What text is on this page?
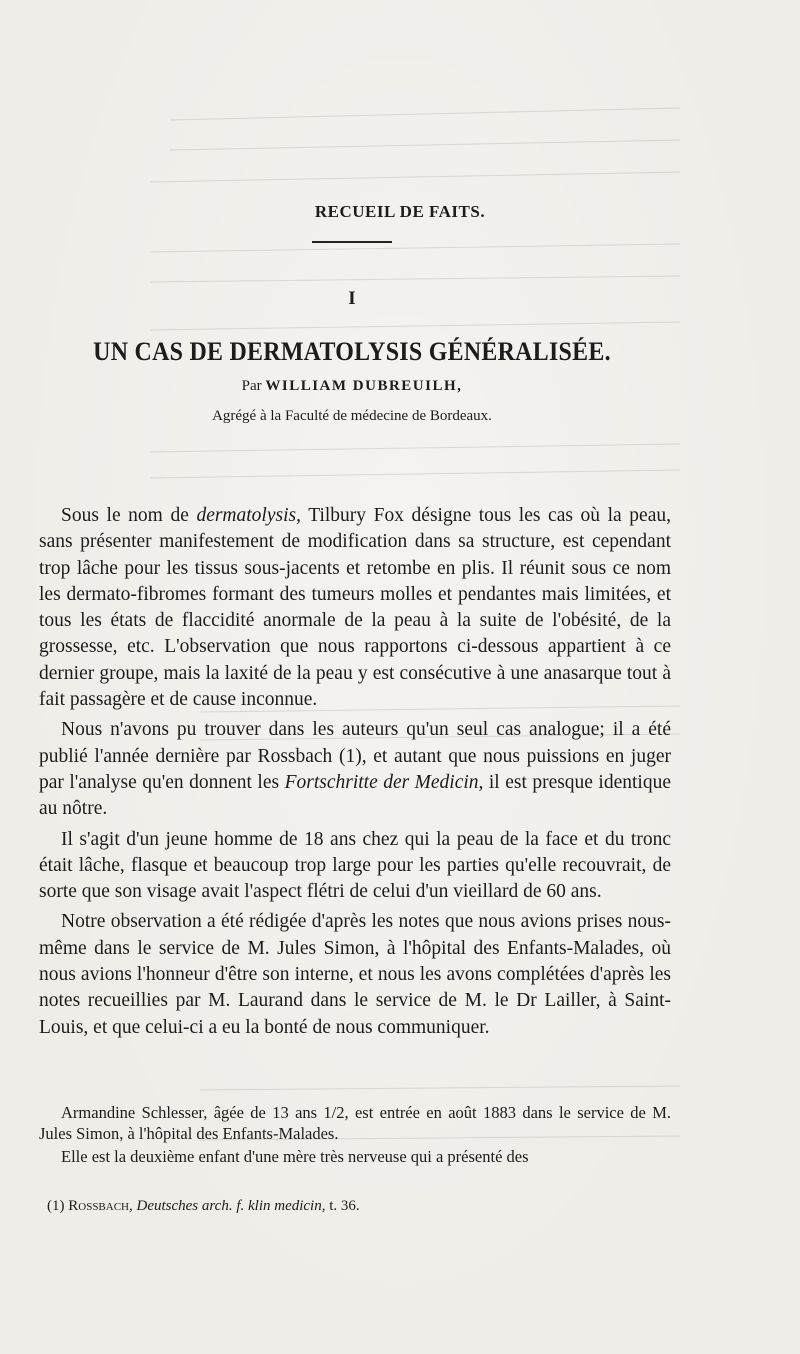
RECUEIL DE FAITS.
I
UN CAS DE DERMATOLYSIS GÉNÉRALISÉE.
Par WILLIAM DUBREUILH,
Agrégé à la Faculté de médecine de Bordeaux.

Sous le nom de dermatolysis, Tilbury Fox désigne tous les cas où la peau, sans présenter manifestement de modification dans sa structure, est cependant trop lâche pour les tissus sous-jacents et retombe en plis. Il réunit sous ce nom les dermato-fibromes formant des tumeurs molles et pendantes mais limitées, et tous les états de flaccidité anormale de la peau à la suite de l'obésité, de la grossesse, etc. L'observation que nous rapportons ci-dessous appartient à ce dernier groupe, mais la laxité de la peau y est consécutive à une anasarque tout à fait passagère et de cause inconnue.

Nous n'avons pu trouver dans les auteurs qu'un seul cas analogue; il a été publié l'année dernière par Rossbach (1), et autant que nous puissions en juger par l'analyse qu'en donnent les Fortschritte der Medicin, il est presque identique au nôtre.

Il s'agit d'un jeune homme de 18 ans chez qui la peau de la face et du tronc était lâche, flasque et beaucoup trop large pour les parties qu'elle recouvrait, de sorte que son visage avait l'aspect flétri de celui d'un vieillard de 60 ans.

Notre observation a été rédigée d'après les notes que nous avions prises nous-même dans le service de M. Jules Simon, à l'hôpital des Enfants-Malades, où nous avions l'honneur d'être son interne, et nous les avons complétées d'après les notes recueillies par M. Laurand dans le service de M. le Dr Lailler, à Saint-Louis, et que celui-ci a eu la bonté de nous communiquer.

Armandine Schlesser, âgée de 13 ans 1/2, est entrée en août 1883 dans le service de M. Jules Simon, à l'hôpital des Enfants-Malades.

Elle est la deuxième enfant d'une mère très nerveuse qui a présenté des

(1) Rossbach, Deutsches arch. f. klin medicin, t. 36.
